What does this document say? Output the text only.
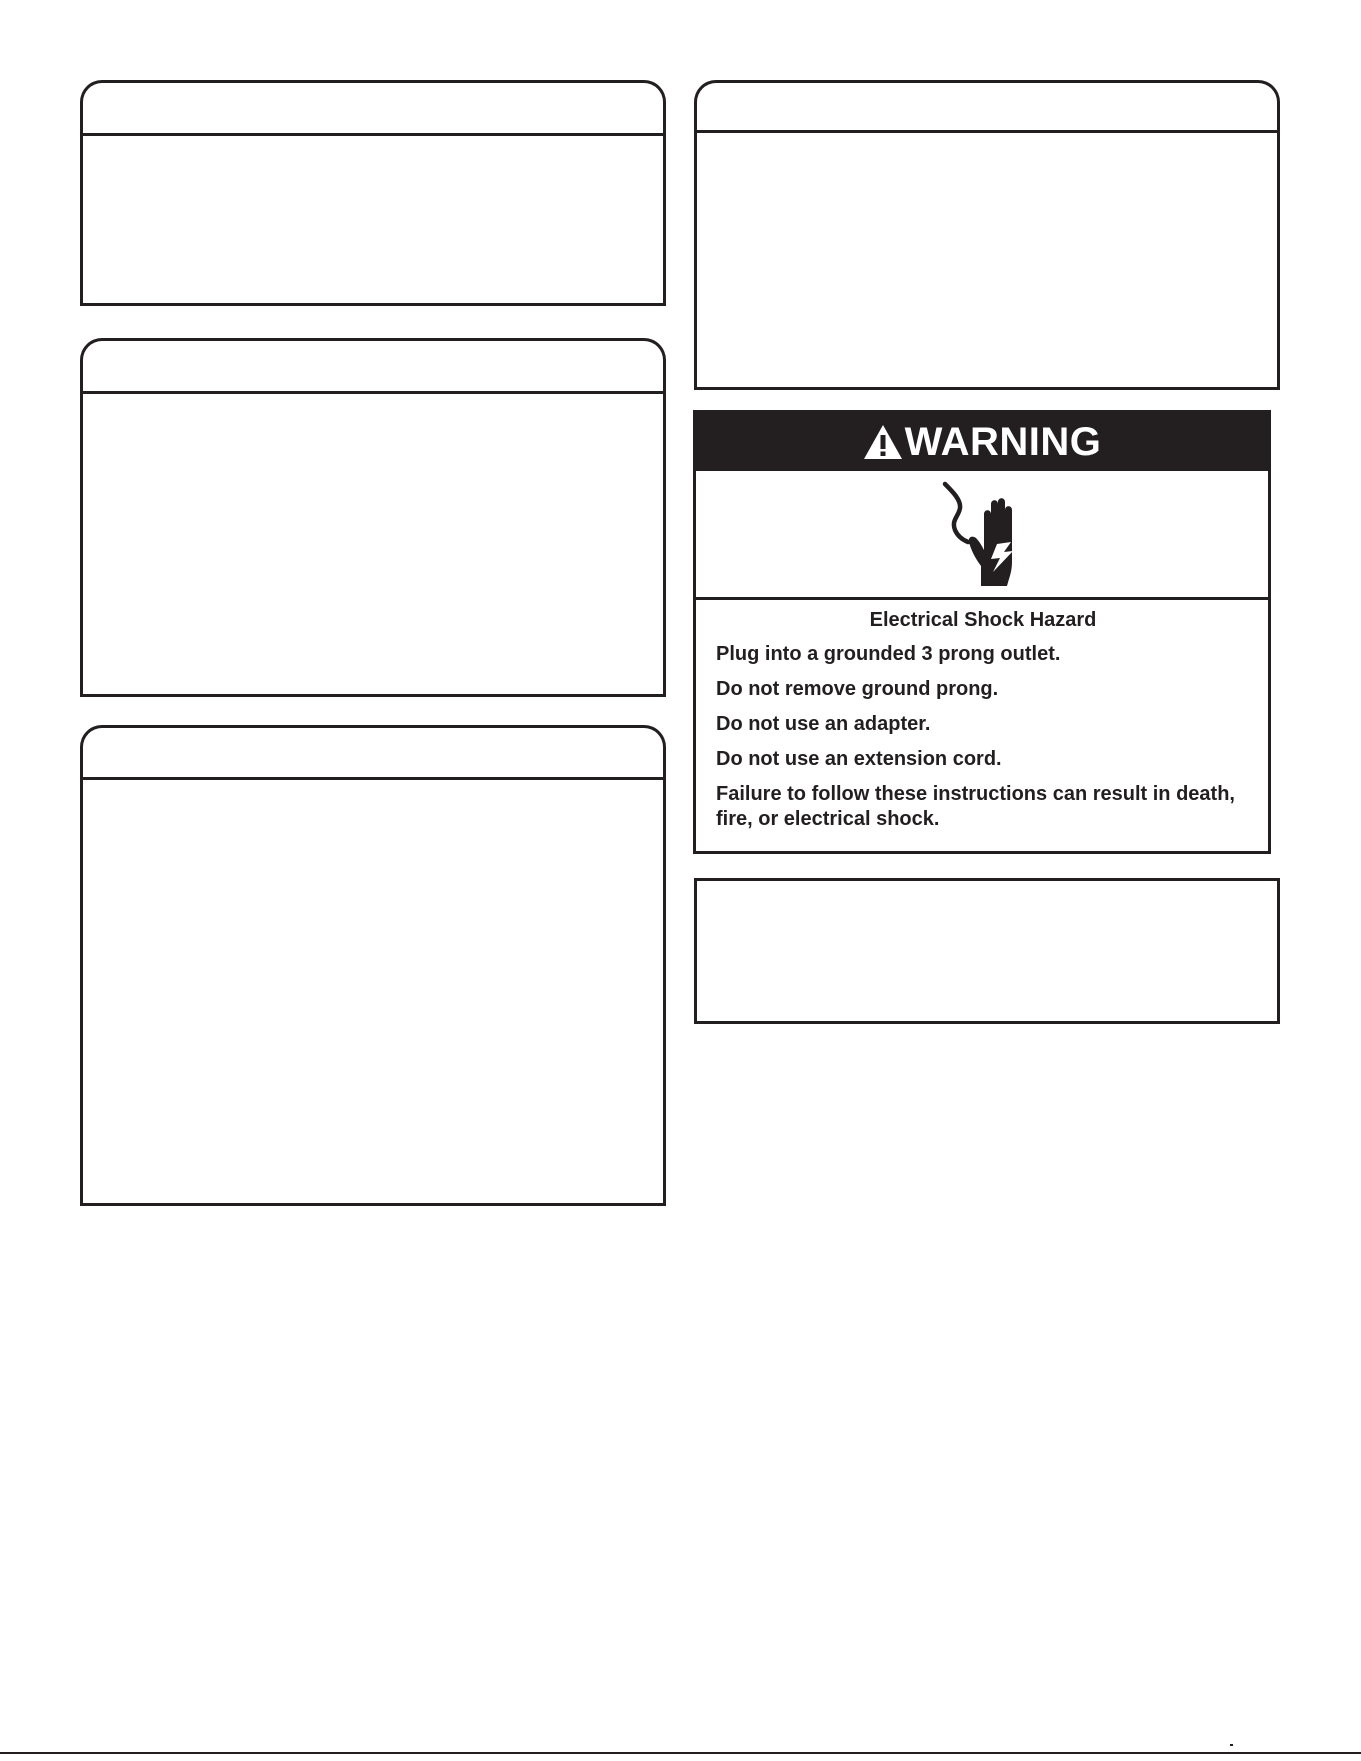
WARNING
Electrical Shock Hazard
Plug into a grounded 3 prong outlet.
Do not remove ground prong.
Do not use an adapter.
Do not use an extension cord.
Failure to follow these instructions can result in death, fire, or electrical shock.
